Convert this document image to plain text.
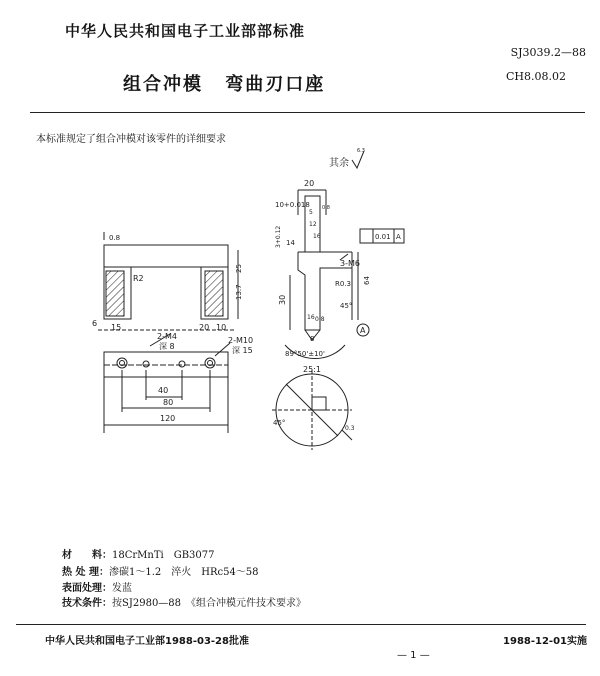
中华人民共和国电子工业部部标准
SJ3039.2—88
组合冲模 弯曲刃口座	CH8.08.02
本标准规定了组合冲模对该零件的详细要求
其余
6.3
0.8
R2
25
13.7
6 15	20 10
2-M4
深 8
2-M10
深 15
40
80
120
20
10+0.018
5
12
16
0.8
3+0.12 14
0.01 A
3-M6
64
R0.3
30
16 0.8
8
A
45°
89°50'±10'
25:1
45°
0.3
材　　料：18CrMnTi　GB3077
热 处 理：渗碳1～1.2　淬火　HRc54～58
表面处理：发蓝
技术条件：按SJ2980—88　《组合冲模元件技术要求》
中华人民共和国电子工业部1988-03-28批准	1988-12-01实施
— 1 —
